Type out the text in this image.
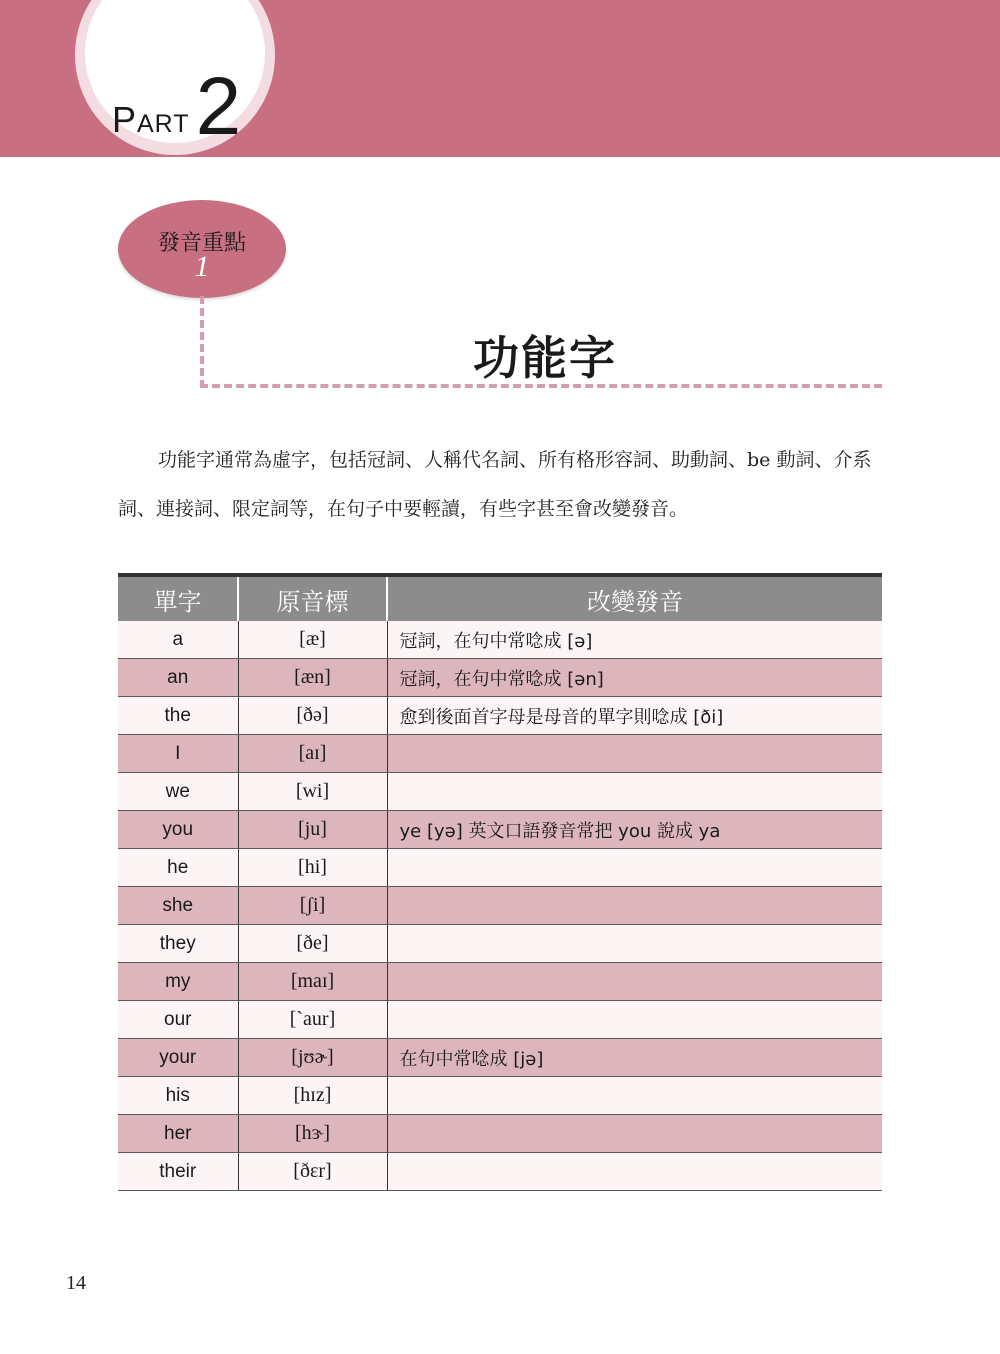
Part 2
發音重點
1
功能字
功能字通常為虛字，包括冠詞、人稱代名詞、所有格形容詞、助動詞、be 動詞、介系詞、連接詞、限定詞等，在句子中要輕讀，有些字甚至會改變發音。
單字	原音標	改變發音
a	[æ]	冠詞，在句中常唸成 [ə]
an	[æn]	冠詞，在句中常唸成 [ən]
the	[ðə]	愈到後面首字母是母音的單字則唸成 [ði]
I	[aɪ]	
we	[wi]	
you	[ju]	ye [yə] 英文口語發音常把 you 說成 ya
he	[hi]	
she	[ʃi]	
they	[ðe]	
my	[maɪ]	
our	[ˋaur]	
your	[jʊɚ]	在句中常唸成 [jə]
his	[hɪz]	
her	[hɝ]	
their	[ðɛr]	
14
